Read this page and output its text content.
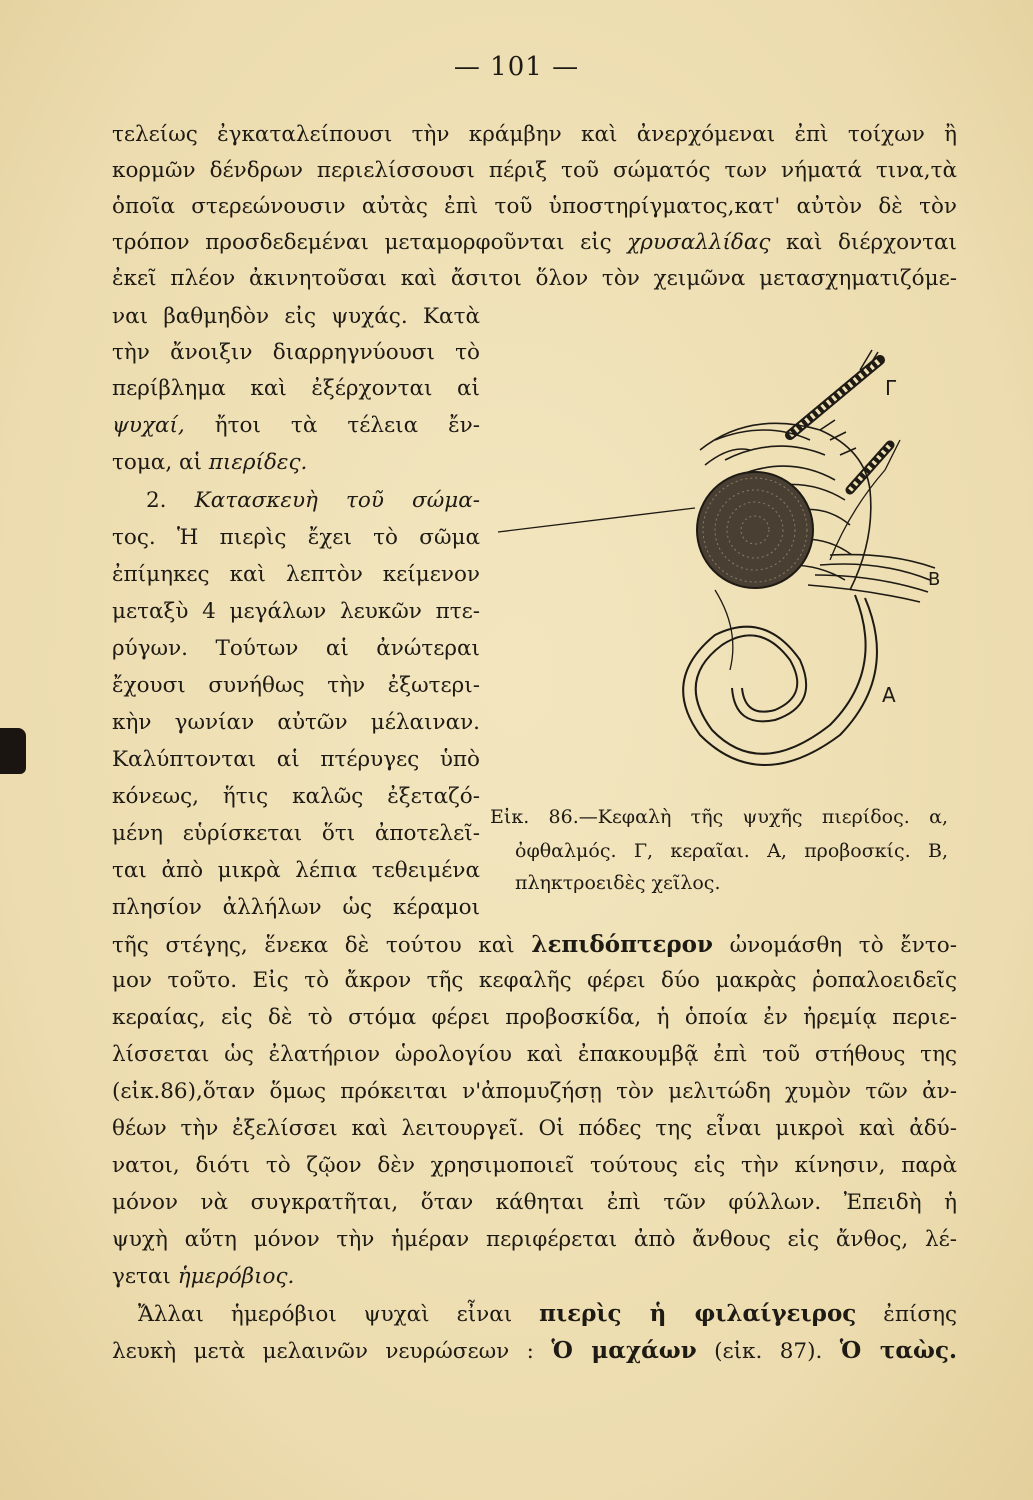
— 101 —
τελείως ἐγκαταλείπουσι τὴν κράμβην καὶ ἀνερχόμεναι ἐπὶ τοίχων ἢ
κορμῶν δένδρων περιελίσσουσι πέριξ τοῦ σώματός των νήματά τινα,τὰ
ὁποῖα στερεώνουσιν αὐτὰς ἐπὶ τοῦ ὑποστηρίγματος,κατ' αὐτὸν δὲ τὸν
τρόπον προσδεδεμέναι μεταμορφοῦνται εἰς χρυσαλλίδας καὶ διέρχονται
ἐκεῖ πλέον ἀκινητοῦσαι καὶ ἄσιτοι ὅλον τὸν χειμῶνα μετασχηματιζόμε-
ναι βαθμηδὸν εἰς ψυχάς. Κατὰ
τὴν ἄνοιξιν διαρρηγνύουσι τὸ
περίβλημα καὶ ἐξέρχονται αἱ
ψυχαί, ἤτοι τὰ τέλεια ἔν-
τομα, αἱ πιερίδες.
2. Κατασκευὴ τοῦ σώμα-
τος. Ἡ πιερὶς ἔχει τὸ σῶμα
ἐπίμηκες καὶ λεπτὸν κείμενον
μεταξὺ 4 μεγάλων λευκῶν πτε-
ρύγων. Τούτων αἱ ἀνώτεραι
ἔχουσι συνήθως τὴν ἐξωτερι-
κὴν γωνίαν αὐτῶν μέλαιναν.
Καλύπτονται αἱ πτέρυγες ὑπὸ
κόνεως, ἥτις καλῶς ἐξεταζό-
μένη εὑρίσκεται ὅτι ἀποτελεῖ-
ται ἀπὸ μικρὰ λέπια τεθειμένα
πλησίον ἀλλήλων ὡς κέραμοι
Γ
Β
Α
Εἰκ. 86.—Κεφαλὴ τῆς ψυχῆς πιερίδος. α,
ὀφθαλμός. Γ, κεραῖαι. Α, προβοσκίς. Β,
πληκτροειδὲς χεῖλος.
τῆς στέγης, ἕνεκα δὲ τούτου καὶ λεπιδόπτερον ὠνομάσθη τὸ ἔντο-
μον τοῦτο. Εἰς τὸ ἄκρον τῆς κεφαλῆς φέρει δύο μακρὰς ῥοπαλοειδεῖς
κεραίας, εἰς δὲ τὸ στόμα φέρει προβοσκίδα, ἡ ὁποία ἐν ἠρεμίᾳ περιε-
λίσσεται ὡς ἐλατήριον ὡρολογίου καὶ ἐπακουμβᾷ ἐπὶ τοῦ στήθους της
(εἰκ.86),ὅταν ὅμως πρόκειται ν'ἀπομυζήσῃ τὸν μελιτώδη χυμὸν τῶν ἀν-
θέων τὴν ἐξελίσσει καὶ λειτουργεῖ. Οἱ πόδες της εἶναι μικροὶ καὶ ἀδύ-
νατοι, διότι τὸ ζῷον δὲν χρησιμοποιεῖ τούτους εἰς τὴν κίνησιν, παρὰ
μόνον νὰ συγκρατῆται, ὅταν κάθηται ἐπὶ τῶν φύλλων. Ἐπειδὴ ἡ
ψυχὴ αὕτη μόνον τὴν ἡμέραν περιφέρεται ἀπὸ ἄνθους εἰς ἄνθος, λέ-
γεται ἡμερόβιος.
Ἄλλαι ἡμερόβιοι ψυχαὶ εἶναι πιερὶς ἡ φιλαίγειρος ἐπίσης
λευκὴ μετὰ μελαινῶν νευρώσεων : Ὁ μαχάων (εἰκ. 87). Ὁ ταὼς.
